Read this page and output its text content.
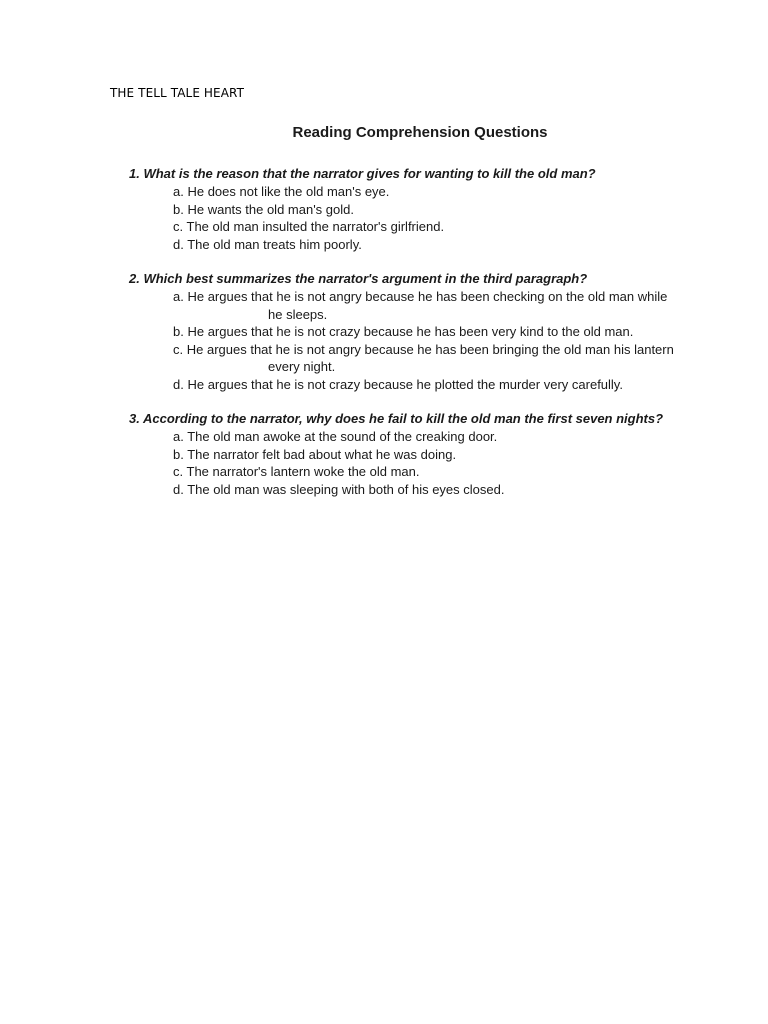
THE TELL TALE HEART
Reading Comprehension Questions

1. What is the reason that the narrator gives for wanting to kill the old man?

a. He does not like the old man's eye.
b. He wants the old man's gold.
c. The old man insulted the narrator's girlfriend.
d. The old man treats him poorly.

2. Which best summarizes the narrator's argument in the third paragraph?

a. He argues that he is not angry because he has been checking on the old man while
he sleeps.
b. He argues that he is not crazy because he has been very kind to the old man.
c. He argues that he is not angry because he has been bringing the old man his lantern
every night.
d. He argues that he is not crazy because he plotted the murder very carefully.

3. According to the narrator, why does he fail to kill the old man the first seven nights?

a. The old man awoke at the sound of the creaking door.
b. The narrator felt bad about what he was doing.
c. The narrator's lantern woke the old man.
d. The old man was sleeping with both of his eyes closed.
